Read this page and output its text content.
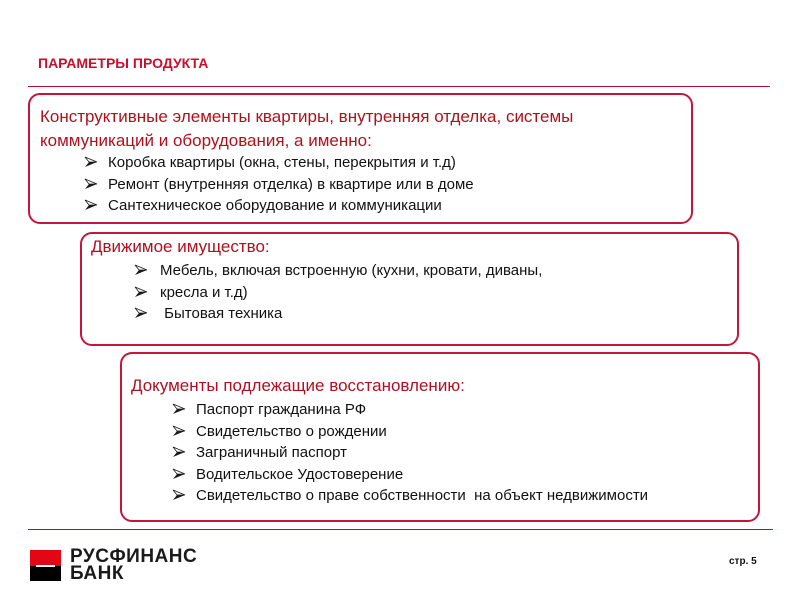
ПАРАМЕТРЫ ПРОДУКТА
Конструктивные элементы квартиры, внутренняя отделка, системы
коммуникаций и оборудования, а именно:
Коробка квартиры (окна, стены, перекрытия и т.д)
Ремонт (внутренняя отделка) в квартире или в доме
Сантехническое оборудование и коммуникации
Движимое имущество:
Мебель, включая встроенную (кухни, кровати, диваны,
кресла и т.д)
Бытовая техника
Документы подлежащие восстановлению:
Паспорт гражданина РФ
Свидетельство о рождении
Заграничный паспорт
Водительское Удостоверение
Свидетельство о праве собственности  на объект недвижимости
РУСФИНАНС
БАНК
стр. 5
